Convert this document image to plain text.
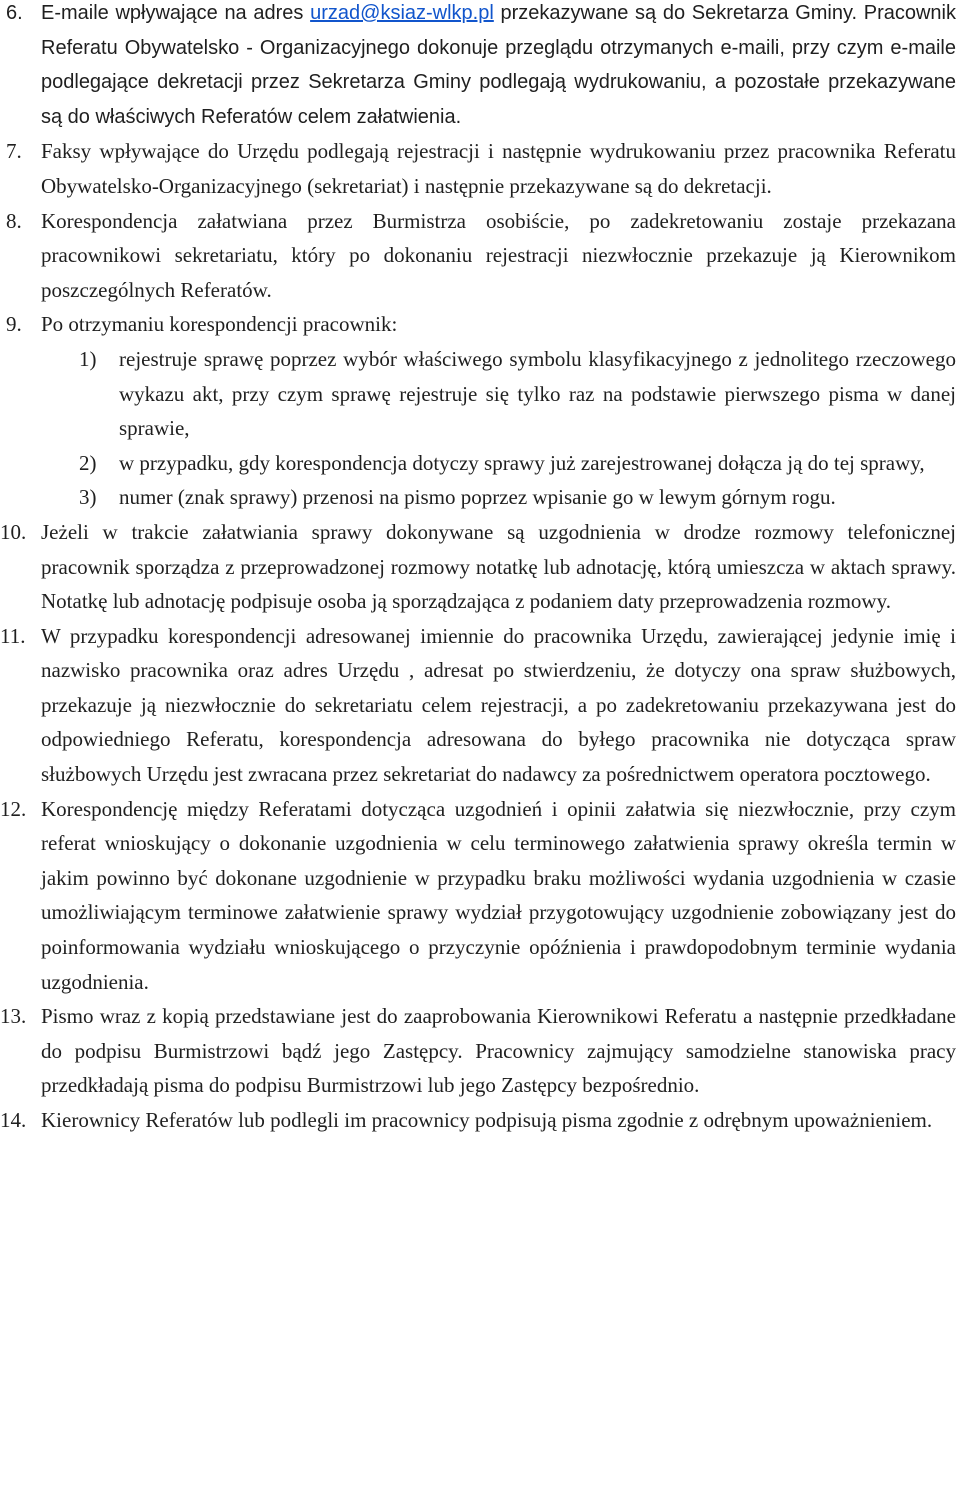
6. E-maile wpływające na adres urzad@ksiaz-wlkp.pl przekazywane są do Sekretarza Gminy. Pracownik Referatu Obywatelsko - Organizacyjnego dokonuje przeglądu otrzymanych e-maili, przy czym e-maile podlegające dekretacji przez Sekretarza Gminy podlegają wydrukowaniu, a pozostałe przekazywane są do właściwych Referatów celem załatwienia.
7. Faksy wpływające do Urzędu podlegają rejestracji i następnie wydrukowaniu przez pracownika Referatu Obywatelsko-Organizacyjnego (sekretariat) i następnie przekazywane są do dekretacji.
8. Korespondencja załatwiana przez Burmistrza osobiście, po zadekretowaniu zostaje przekazana pracownikowi sekretariatu, który po dokonaniu rejestracji niezwłocznie przekazuje ją Kierownikom poszczególnych Referatów.
9. Po otrzymaniu korespondencji pracownik:
1) rejestruje sprawę poprzez wybór właściwego symbolu klasyfikacyjnego z jednolitego rzeczowego wykazu akt, przy czym sprawę rejestruje się tylko raz na podstawie pierwszego pisma w danej sprawie,
2) w przypadku, gdy korespondencja dotyczy sprawy już zarejestrowanej dołącza ją do tej sprawy,
3) numer (znak sprawy) przenosi na pismo poprzez wpisanie go w lewym górnym rogu.
10. Jeżeli w trakcie załatwiania sprawy dokonywane są uzgodnienia w drodze rozmowy telefonicznej pracownik sporządza z przeprowadzonej rozmowy notatkę lub adnotację, którą umieszcza w aktach sprawy. Notatkę lub adnotację podpisuje osoba ją sporządzająca z podaniem daty przeprowadzenia rozmowy.
11. W przypadku korespondencji adresowanej imiennie do pracownika Urzędu, zawierającej jedynie imię i nazwisko pracownika oraz adres Urzędu , adresat po stwierdzeniu, że dotyczy ona spraw służbowych, przekazuje ją niezwłocznie do sekretariatu celem rejestracji, a po zadekretowaniu przekazywana jest do odpowiedniego Referatu, korespondencja adresowana do byłego pracownika nie dotycząca spraw służbowych Urzędu jest zwracana przez sekretariat do nadawcy za pośrednictwem operatora pocztowego.
12. Korespondencję między Referatami dotycząca uzgodnień i opinii załatwia się niezwłocznie, przy czym referat wnioskujący o dokonanie uzgodnienia w celu terminowego załatwienia sprawy określa termin w jakim powinno być dokonane uzgodnienie w przypadku braku możliwości wydania uzgodnienia w czasie umożliwiającym terminowe załatwienie sprawy wydział przygotowujący uzgodnienie zobowiązany jest do poinformowania wydziału wnioskującego o przyczynie opóźnienia i prawdopodobnym terminie wydania uzgodnienia.
13. Pismo wraz z kopią przedstawiane jest do zaaprobowania Kierownikowi Referatu a następnie przedkładane do podpisu Burmistrzowi bądź jego Zastępcy. Pracownicy zajmujący samodzielne stanowiska pracy przedkładają pisma do podpisu Burmistrzowi lub jego Zastępcy bezpośrednio.
14. Kierownicy Referatów lub podlegli im pracownicy podpisują pisma zgodnie z odrębnym upoważnieniem.
